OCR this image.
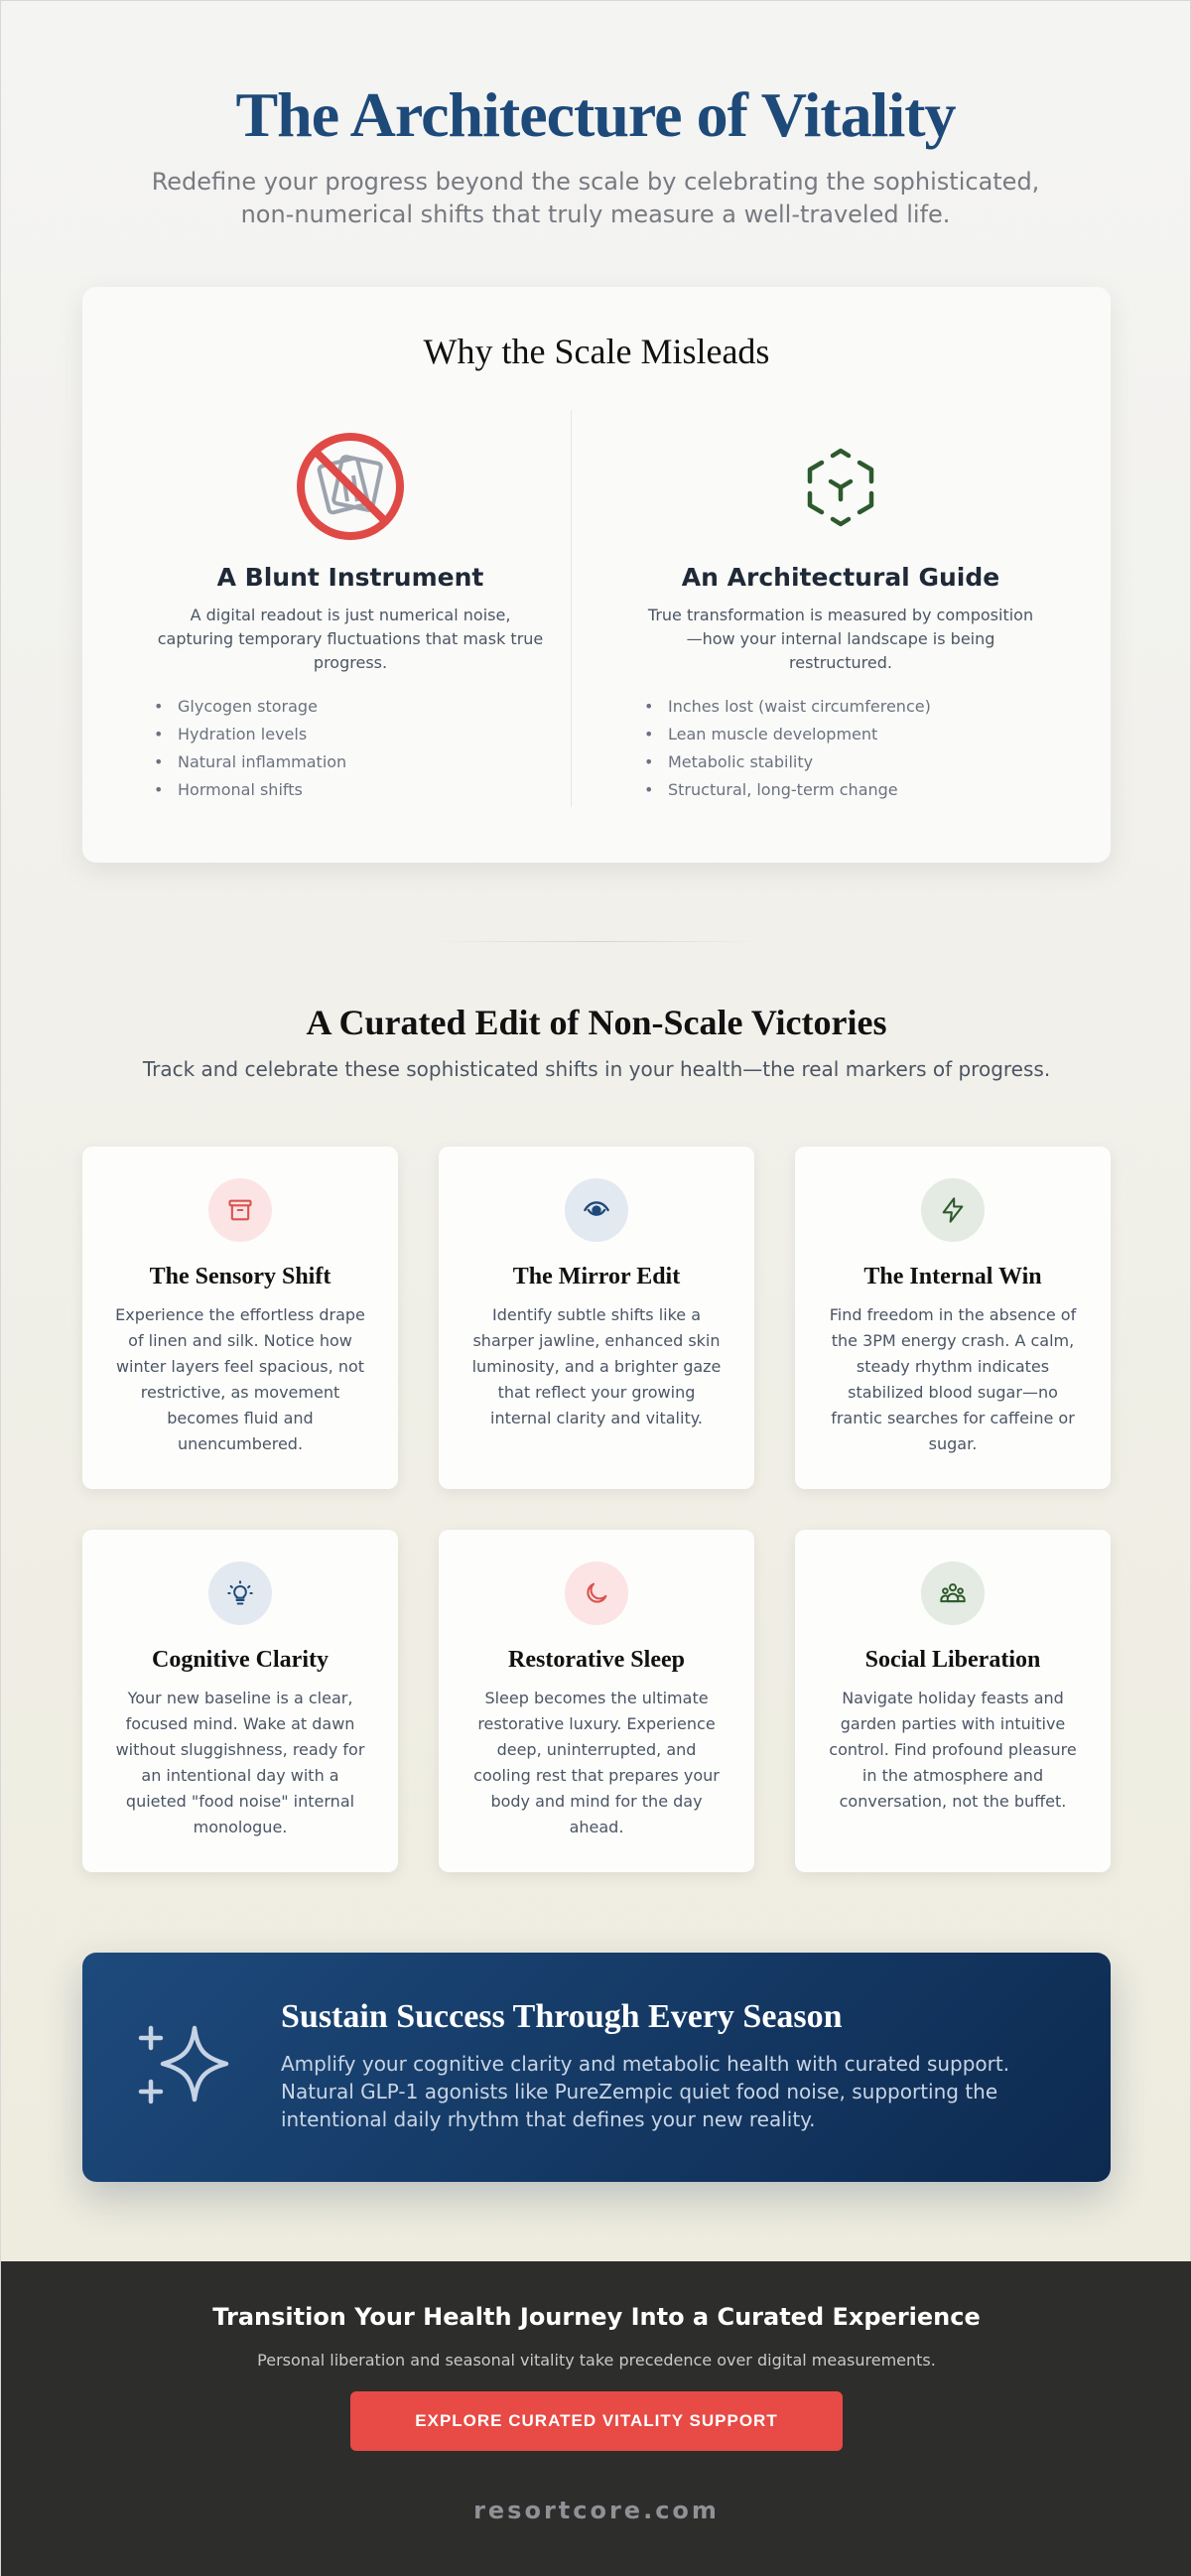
The Architecture of Vitality

Redefine your progress beyond the scale by celebrating the sophisticated, non-numerical shifts that truly measure a well-traveled life.

Why the Scale Misleads
A Blunt Instrument

A digital readout is just numerical noise, capturing temporary fluctuations that mask true progress.

• Glycogen storage
• Hydration levels
• Natural inflammation
• Hormonal shifts
An Architectural Guide

True transformation is measured by composition—how your internal landscape is being restructured.

• Inches lost (waist circumference)
• Lean muscle development
• Metabolic stability
• Structural, long-term change
A Curated Edit of Non-Scale Victories

Track and celebrate these sophisticated shifts in your health—the real markers of progress.

The Sensory Shift

Experience the effortless drape of linen and silk. Notice how winter layers feel spacious, not restrictive, as movement becomes fluid and unencumbered.

The Mirror Edit

Identify subtle shifts like a sharper jawline, enhanced skin luminosity, and a brighter gaze that reflect your growing internal clarity and vitality.

The Internal Win

Find freedom in the absence of the 3PM energy crash. A calm, steady rhythm indicates stabilized blood sugar—no frantic searches for caffeine or sugar.

Cognitive Clarity

Your new baseline is a clear, focused mind. Wake at dawn without sluggishness, ready for an intentional day with a quieted "food noise" internal monologue.

Restorative Sleep

Sleep becomes the ultimate restorative luxury. Experience deep, uninterrupted, and cooling rest that prepares your body and mind for the day ahead.

Social Liberation

Navigate holiday feasts and garden parties with intuitive control. Find profound pleasure in the atmosphere and conversation, not the buffet.

Sustain Success Through Every Season

Amplify your cognitive clarity and metabolic health with curated support. Natural GLP-1 agonists like PureZempic quiet food noise, supporting the intentional daily rhythm that defines your new reality.

Transition Your Health Journey Into a Curated Experience

Personal liberation and seasonal vitality take precedence over digital measurements.

EXPLORE CURATED VITALITY SUPPORT
resortcore.com
